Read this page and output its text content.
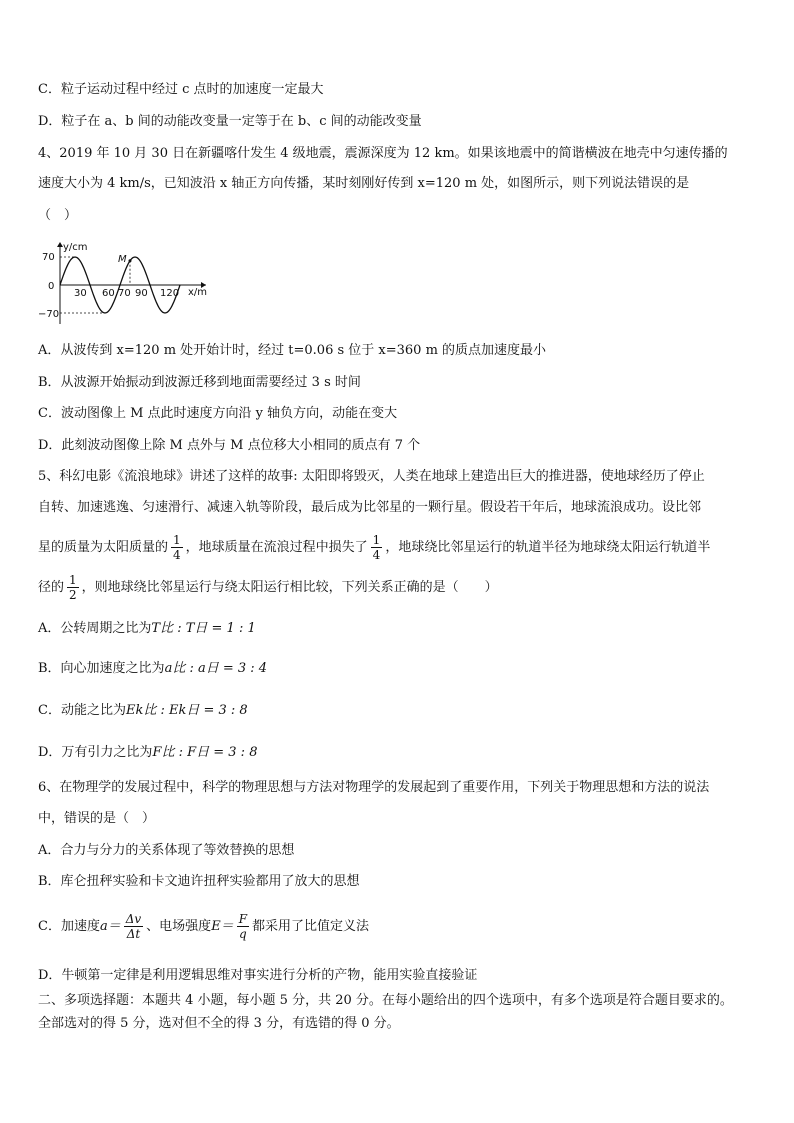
C．粒子运动过程中经过 c 点时的加速度一定最大
D．粒子在 a、b 间的动能改变量一定等于在 b、c 间的动能改变量
4、2019 年 10 月 30 日在新疆喀什发生 4 级地震，震源深度为 12 km。如果该地震中的简谐横波在地壳中匀速传播的
速度大小为 4 km/s，已知波沿 x 轴正方向传播，某时刻刚好传到 x=120 m 处，如图所示，则下列说法错误的是
（　）
y/cm
x/m
M
70
0
−70
30 60 70 90 120
A．从波传到 x=120 m 处开始计时，经过 t=0.06 s 位于 x=360 m 的质点加速度最小
B．从波源开始振动到波源迁移到地面需要经过 3 s 时间
C．波动图像上 M 点此时速度方向沿 y 轴负方向，动能在变大
D．此刻波动图像上除 M 点外与 M 点位移大小相同的质点有 7 个
5、科幻电影《流浪地球》讲述了这样的故事: 太阳即将毁灭，人类在地球上建造出巨大的推进器，使地球经历了停止
自转、加速逃逸、匀速滑行、减速入轨等阶段，最后成为比邻星的一颗行星。假设若干年后，地球流浪成功。设比邻
星的质量为太阳质量的 $\frac{1}{4}$ ，地球质量在流浪过程中损失了 $\frac{1}{4}$ ，地球绕比邻星运行的轨道半径为地球绕太阳运行轨道半
径的 $\frac{1}{2}$ ，则地球绕比邻星运行与绕太阳运行相比较，下列关系正确的是（　　）
A．公转周期之比为T比 : T日 = 1 : 1
B．向心加速度之比为a比 : a日 = 3 : 4
C．动能之比为Ek比 : Ek日 = 3 : 8
D．万有引力之比为F比 : F日 = 3 : 8
6、在物理学的发展过程中，科学的物理思想与方法对物理学的发展起到了重要作用，下列关于物理思想和方法的说法
中，错误的是（　）
A．合力与分力的关系体现了等效替换的思想
B．库仑扭秤实验和卡文迪许扭秤实验都用了放大的思想
C．加速度$a= \frac{\Delta v}{\Delta t}$ 、电场强度$E= \frac{F}{q}$ 都采用了比值定义法
D．牛顿第一定律是利用逻辑思维对事实进行分析的产物，能用实验直接验证
二、多项选择题：本题共 4 小题，每小题 5 分，共 20 分。在每小题给出的四个选项中，有多个选项是符合题目要求的。
全部选对的得 5 分，选对但不全的得 3 分，有选错的得 0 分。
